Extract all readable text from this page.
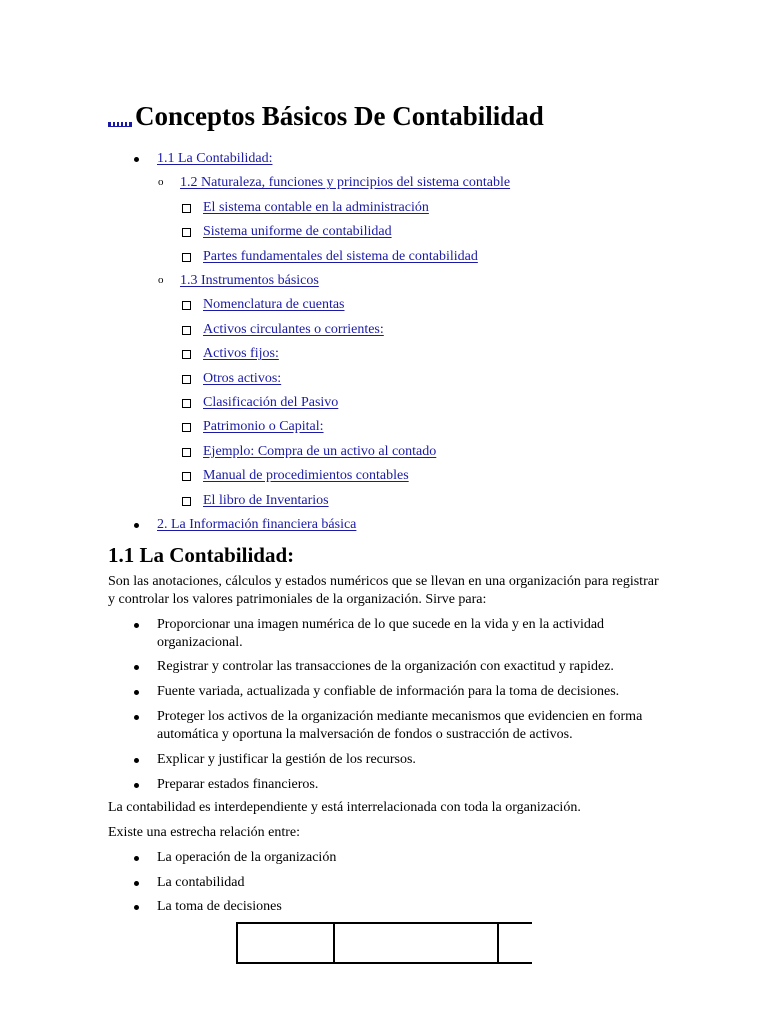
Conceptos Básicos De Contabilidad
1.1 La Contabilidad:
o 1.2 Naturaleza, funciones y principios del sistema contable
El sistema contable en la administración
Sistema uniforme de contabilidad
Partes fundamentales del sistema de contabilidad
o 1.3 Instrumentos básicos
Nomenclatura de cuentas
Activos circulantes o corrientes:
Activos fijos:
Otros activos:
Clasificación del Pasivo
Patrimonio o Capital:
Ejemplo: Compra de un activo al contado
Manual de procedimientos contables
El libro de Inventarios
2. La Información financiera básica
1.1 La Contabilidad:
Son las anotaciones, cálculos y estados numéricos que se llevan en una organización para registrar y controlar los valores patrimoniales de la organización. Sirve para:
Proporcionar una imagen numérica de lo que sucede en la vida y en la actividad organizacional.
Registrar y controlar las transacciones de la organización con exactitud y rapidez.
Fuente variada, actualizada y confiable de información para la toma de decisiones.
Proteger los activos de la organización mediante mecanismos que evidencien en forma automática y oportuna la malversación de fondos o sustracción de activos.
Explicar y justificar la gestión de los recursos.
Preparar estados financieros.
La contabilidad es interdependiente y está interrelacionada con toda la organización.
Existe una estrecha relación entre:
La operación de la organización
La contabilidad
La toma de decisiones
